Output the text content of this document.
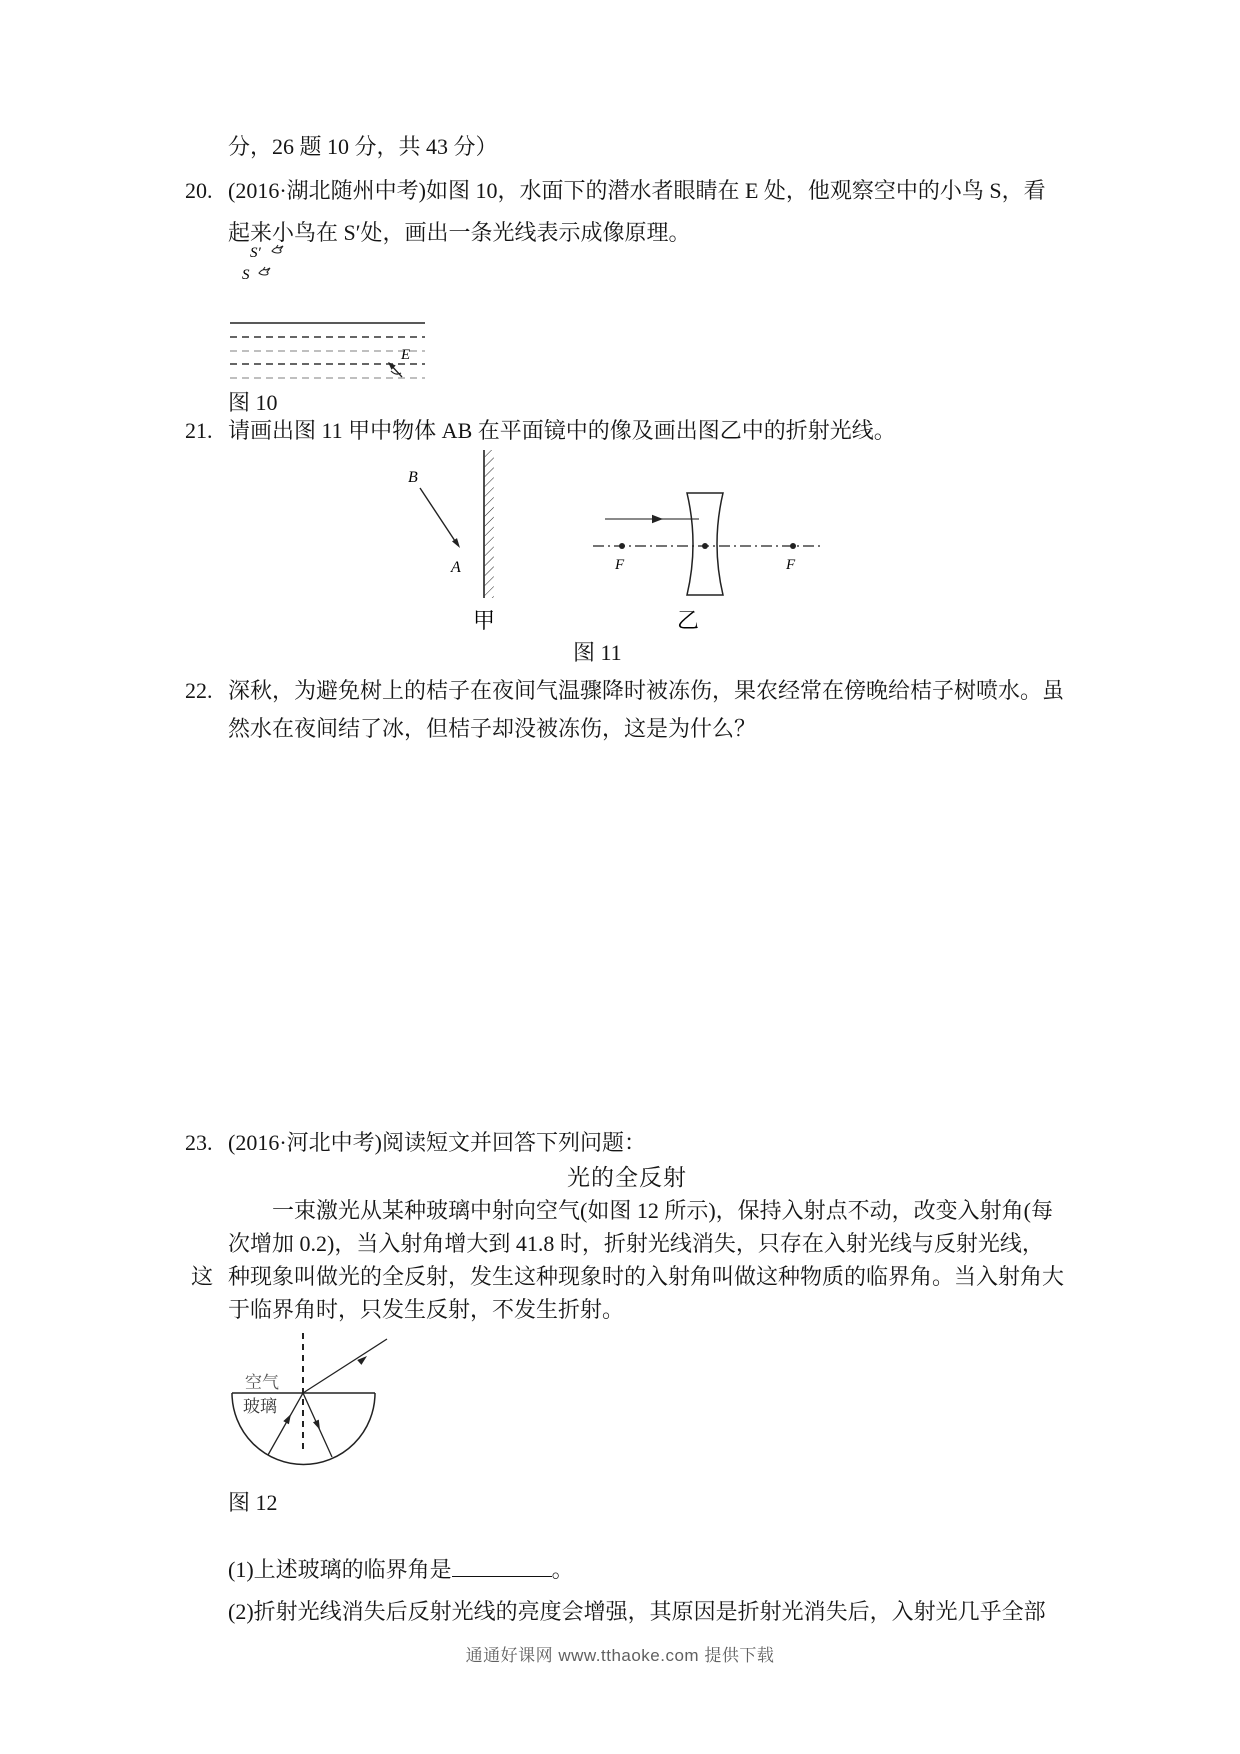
分，26 题 10 分，共 43 分）
20. (2016·湖北随州中考)如图 10，水面下的潜水者眼睛在 E 处，他观察空中的小鸟 S，看
起来小鸟在 S′处，画出一条光线表示成像原理。
S′
S
E
图 10
21. 请画出图 11 甲中物体 AB 在平面镜中的像及画出图乙中的折射光线。
B
A
甲
F	F
乙
图 11
22. 深秋，为避免树上的桔子在夜间气温骤降时被冻伤，果农经常在傍晚给桔子树喷水。虽
然水在夜间结了冰，但桔子却没被冻伤，这是为什么？
23. (2016·河北中考)阅读短文并回答下列问题：
光的全反射
一束激光从某种玻璃中射向空气(如图 12 所示)，保持入射点不动，改变入射角(每
次增加 0.2)，当入射角增大到 41.8 时，折射光线消失，只存在入射光线与反射光线，
这 种现象叫做光的全反射，发生这种现象时的入射角叫做这种物质的临界角。当入射角大
于临界角时，只发生反射，不发生折射。
空气
玻璃
图 12
(1)上述玻璃的临界角是	。
(2)折射光线消失后反射光线的亮度会增强，其原因是折射光消失后，入射光几乎全部
通通好课网 www.tthaoke.com 提供下载
